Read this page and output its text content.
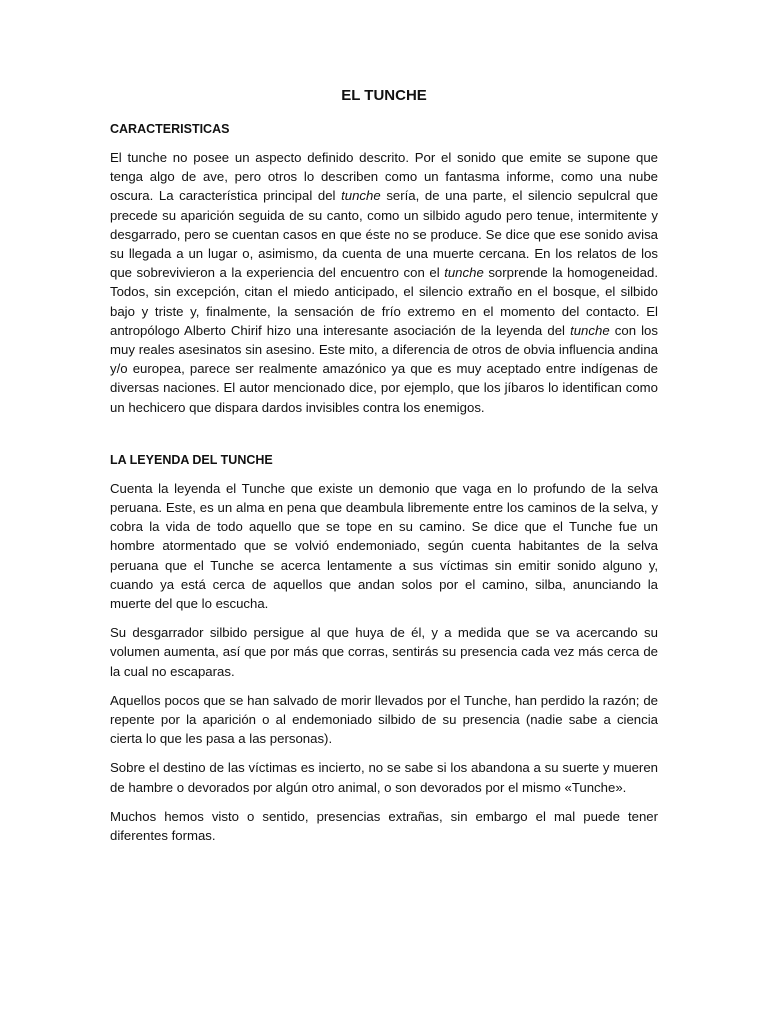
EL TUNCHE
CARACTERISTICAS

El tunche no posee un aspecto definido descrito. Por el sonido que emite se supone que tenga algo de ave, pero otros lo describen como un fantasma informe, como una nube oscura. La característica principal del tunche sería, de una parte, el silencio sepulcral que precede su aparición seguida de su canto, como un silbido agudo pero tenue, intermitente y desgarrado, pero se cuentan casos en que éste no se produce. Se dice que ese sonido avisa su llegada a un lugar o, asimismo, da cuenta de una muerte cercana. En los relatos de los que sobrevivieron a la experiencia del encuentro con el tunche sorprende la homogeneidad. Todos, sin excepción, citan el miedo anticipado, el silencio extraño en el bosque, el silbido bajo y triste y, finalmente, la sensación de frío extremo en el momento del contacto. El antropólogo Alberto Chirif hizo una interesante asociación de la leyenda del tunche con los muy reales asesinatos sin asesino. Este mito, a diferencia de otros de obvia influencia andina y/o europea, parece ser realmente amazónico ya que es muy aceptado entre indígenas de diversas naciones. El autor mencionado dice, por ejemplo, que los jíbaros lo identifican como un hechicero que dispara dardos invisibles contra los enemigos.

LA LEYENDA DEL TUNCHE

Cuenta la leyenda el Tunche que existe un demonio que vaga en lo profundo de la selva peruana. Este, es un alma en pena que deambula libremente entre los caminos de la selva, y cobra la vida de todo aquello que se tope en su camino. Se dice que el Tunche fue un hombre atormentado que se volvió endemoniado, según cuenta habitantes de la selva peruana que el Tunche se acerca lentamente a sus víctimas sin emitir sonido alguno y, cuando ya está cerca de aquellos que andan solos por el camino, silba, anunciando la muerte del que lo escucha.

Su desgarrador silbido persigue al que huya de él, y a medida que se va acercando su volumen aumenta, así que por más que corras, sentirás su presencia cada vez más cerca de la cual no escaparas.

Aquellos pocos que se han salvado de morir llevados por el Tunche, han perdido la razón; de repente por la aparición o al endemoniado silbido de su presencia (nadie sabe a ciencia cierta lo que les pasa a las personas).

Sobre el destino de las víctimas es incierto, no se sabe si los abandona a su suerte y mueren de hambre o devorados por algún otro animal, o son devorados por el mismo «Tunche».

Muchos hemos visto o sentido, presencias extrañas, sin embargo el mal puede tener diferentes formas.
